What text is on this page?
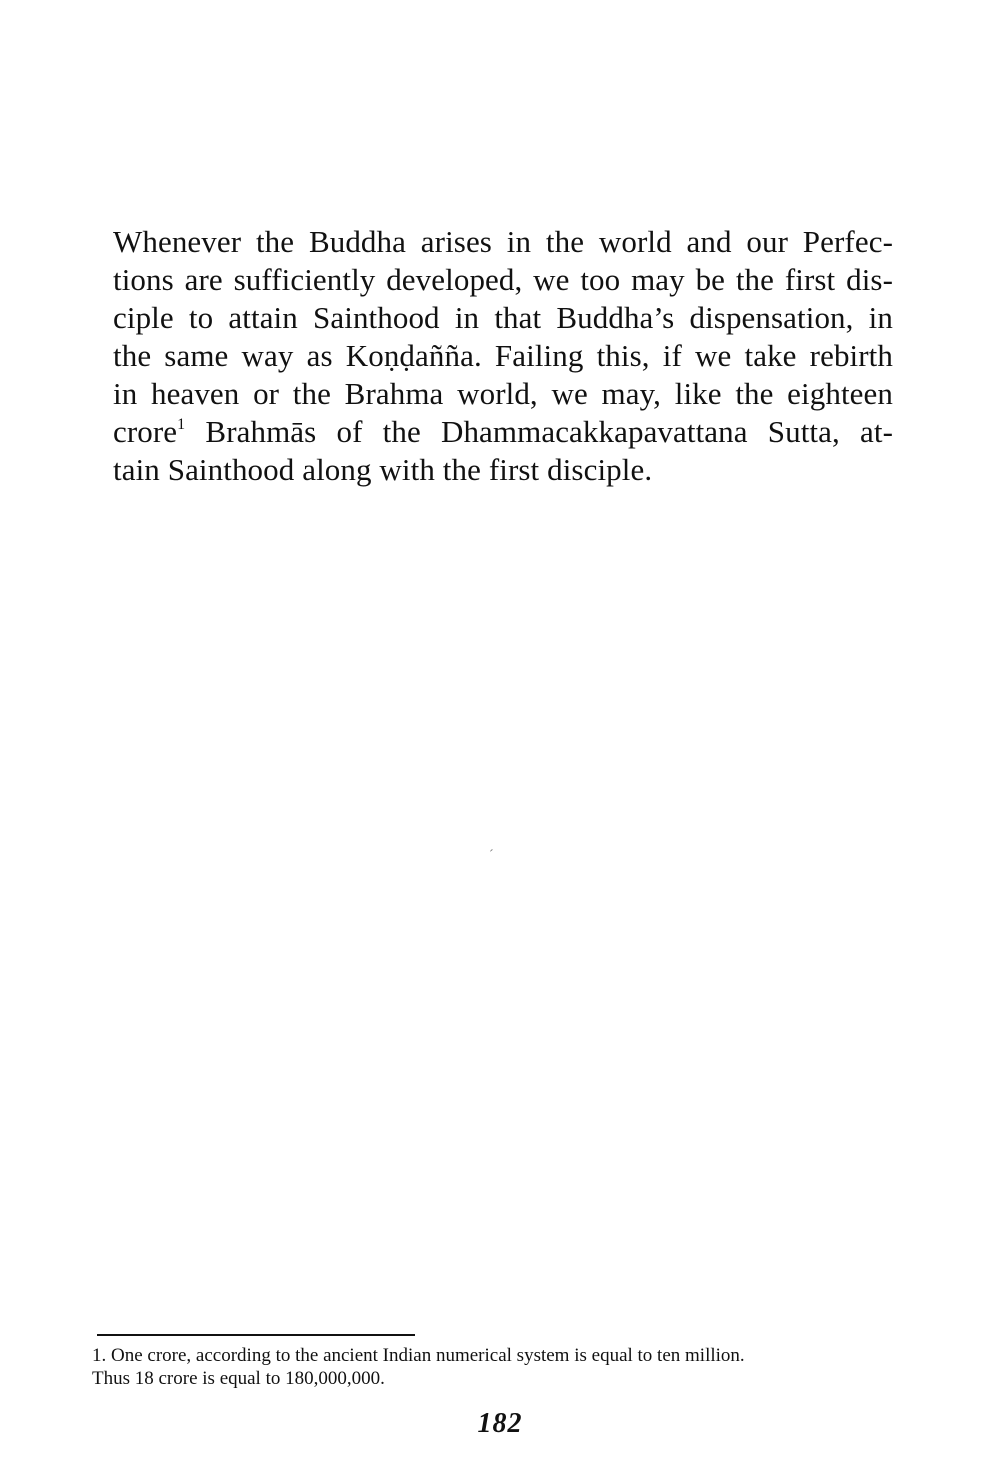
Whenever the Buddha arises in the world and our Perfec-
tions are sufficiently developed, we too may be the first dis-
ciple to attain Sainthood in that Buddha’s dispensation, in
the same way as Koṇḍañña. Failing this, if we take rebirth
in heaven or the Brahma world, we may, like the eighteen
crore$^1$ Brahmās of the Dhammacakkapavattana Sutta, at-
tain Sainthood along with the first disciple.

ˊ
1. One crore, according to the ancient Indian numerical system is equal to ten million.
Thus 18 crore is equal to 180,000,000.
182
